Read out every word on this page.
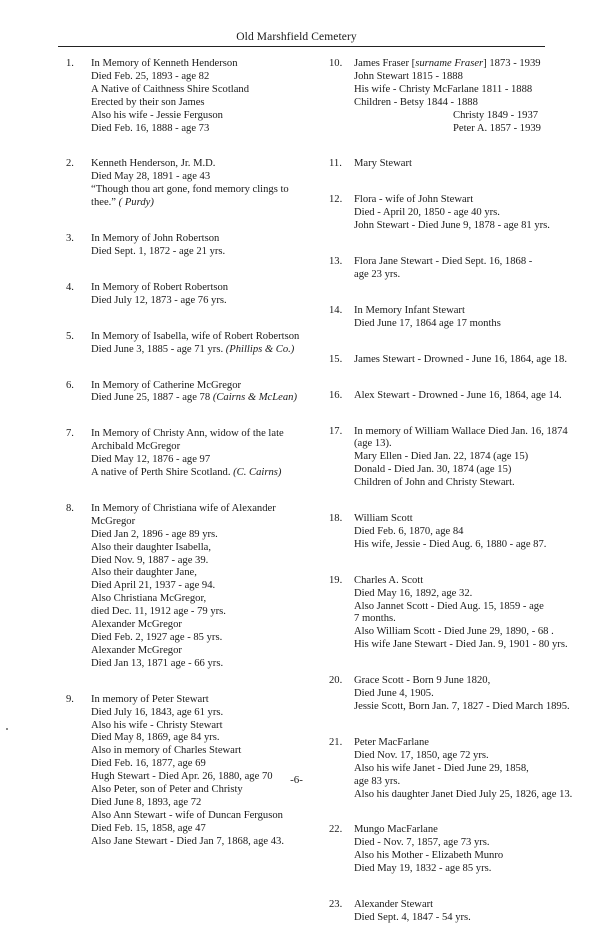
Old Marshfield Cemetery
1.	In Memory of Kenneth Henderson
Died Feb. 25, 1893 - age 82
A Native of Caithness Shire Scotland
Erected by their son James
Also his wife - Jessie Ferguson
Died Feb. 16, 1888 - age 73
2.	Kenneth Henderson, Jr. M.D.
Died May 28, 1891 - age 43
“Though thou art gone, fond memory clings to
thee.” ( Purdy)
3.	In Memory of John Robertson
Died Sept. 1, 1872 - age 21 yrs.
4.	In Memory of Robert Robertson
Died July 12, 1873 - age 76 yrs.
5.	In Memory of Isabella, wife of Robert Robertson
Died June 3, 1885 - age 71 yrs. (Phillips & Co.)
6.	In Memory of Catherine McGregor
Died June 25, 1887 - age 78 (Cairns & McLean)
7.	In Memory of Christy Ann, widow of the late
Archibald McGregor
Died May 12, 1876 - age 97
A native of Perth Shire Scotland. (C. Cairns)
8.	In Memory of Christiana wife of Alexander
McGregor
Died Jan 2, 1896 - age 89 yrs.
Also their daughter Isabella,
Died Nov. 9, 1887 - age 39.
Also their daughter Jane,
Died April 21, 1937 - age 94.
Also Christiana McGregor,
died Dec. 11, 1912 age - 79 yrs.
Alexander McGregor
Died Feb. 2, 1927 age - 85 yrs.
Alexander McGregor
Died Jan 13, 1871 age - 66 yrs.
9.	In memory of Peter Stewart
Died July 16, 1843, age 61 yrs.
Also his wife - Christy Stewart
Died May 8, 1869, age 84 yrs.
Also in memory of Charles Stewart
Died Feb. 16, 1877, age 69
Hugh Stewart - Died Apr. 26, 1880, age 70
Also Peter, son of Peter and Christy
Died June 8, 1893, age 72
Also Ann Stewart - wife of Duncan Ferguson
Died Feb. 15, 1858, age 47
Also Jane Stewart - Died Jan 7, 1868, age 43.
10.	James Fraser [surname Fraser] 1873 - 1939
John Stewart 1815 - 1888
His wife - Christy McFarlane 1811 - 1888
Children - Betsy 1844 - 1888
Christy 1849 - 1937
Peter A. 1857 - 1939
11.	Mary Stewart
12.	Flora - wife of John Stewart
Died - April 20, 1850 - age 40 yrs.
John Stewart - Died June 9, 1878 - age 81 yrs.
13.	Flora Jane Stewart - Died Sept. 16, 1868 -
age 23 yrs.
14.	In Memory Infant Stewart
Died June 17, 1864 age 17 months
15.	James Stewart - Drowned - June 16, 1864, age 18.
16.	Alex Stewart - Drowned - June 16, 1864, age 14.
17.	In memory of William Wallace Died Jan. 16, 1874
(age 13).
Mary Ellen - Died Jan. 22, 1874 (age 15)
Donald - Died Jan. 30, 1874 (age 15)
Children of John and Christy Stewart.
18.	William Scott
Died Feb. 6, 1870, age 84
His wife, Jessie - Died Aug. 6, 1880 - age 87.
19.	Charles A. Scott
Died May 16, 1892, age 32.
Also Jannet Scott - Died Aug. 15, 1859 - age
7 months.
Also William Scott - Died June 29, 1890, - 68 .
His wife Jane Stewart - Died Jan. 9, 1901 - 80 yrs.
20.	Grace Scott - Born 9 June 1820,
Died June 4, 1905.
Jessie Scott, Born Jan. 7, 1827 - Died March 1895.
21.	Peter MacFarlane
Died Nov. 17, 1850, age 72 yrs.
Also his wife Janet - Died June 29, 1858,
age 83 yrs.
Also his daughter Janet Died July 25, 1826, age 13.
22.	Mungo MacFarlane
Died - Nov. 7, 1857, age 73 yrs.
Also his Mother - Elizabeth Munro
Died May 19, 1832 - age 85 yrs.
23.	Alexander Stewart
Died Sept. 4, 1847 - 54 yrs.
-6-
